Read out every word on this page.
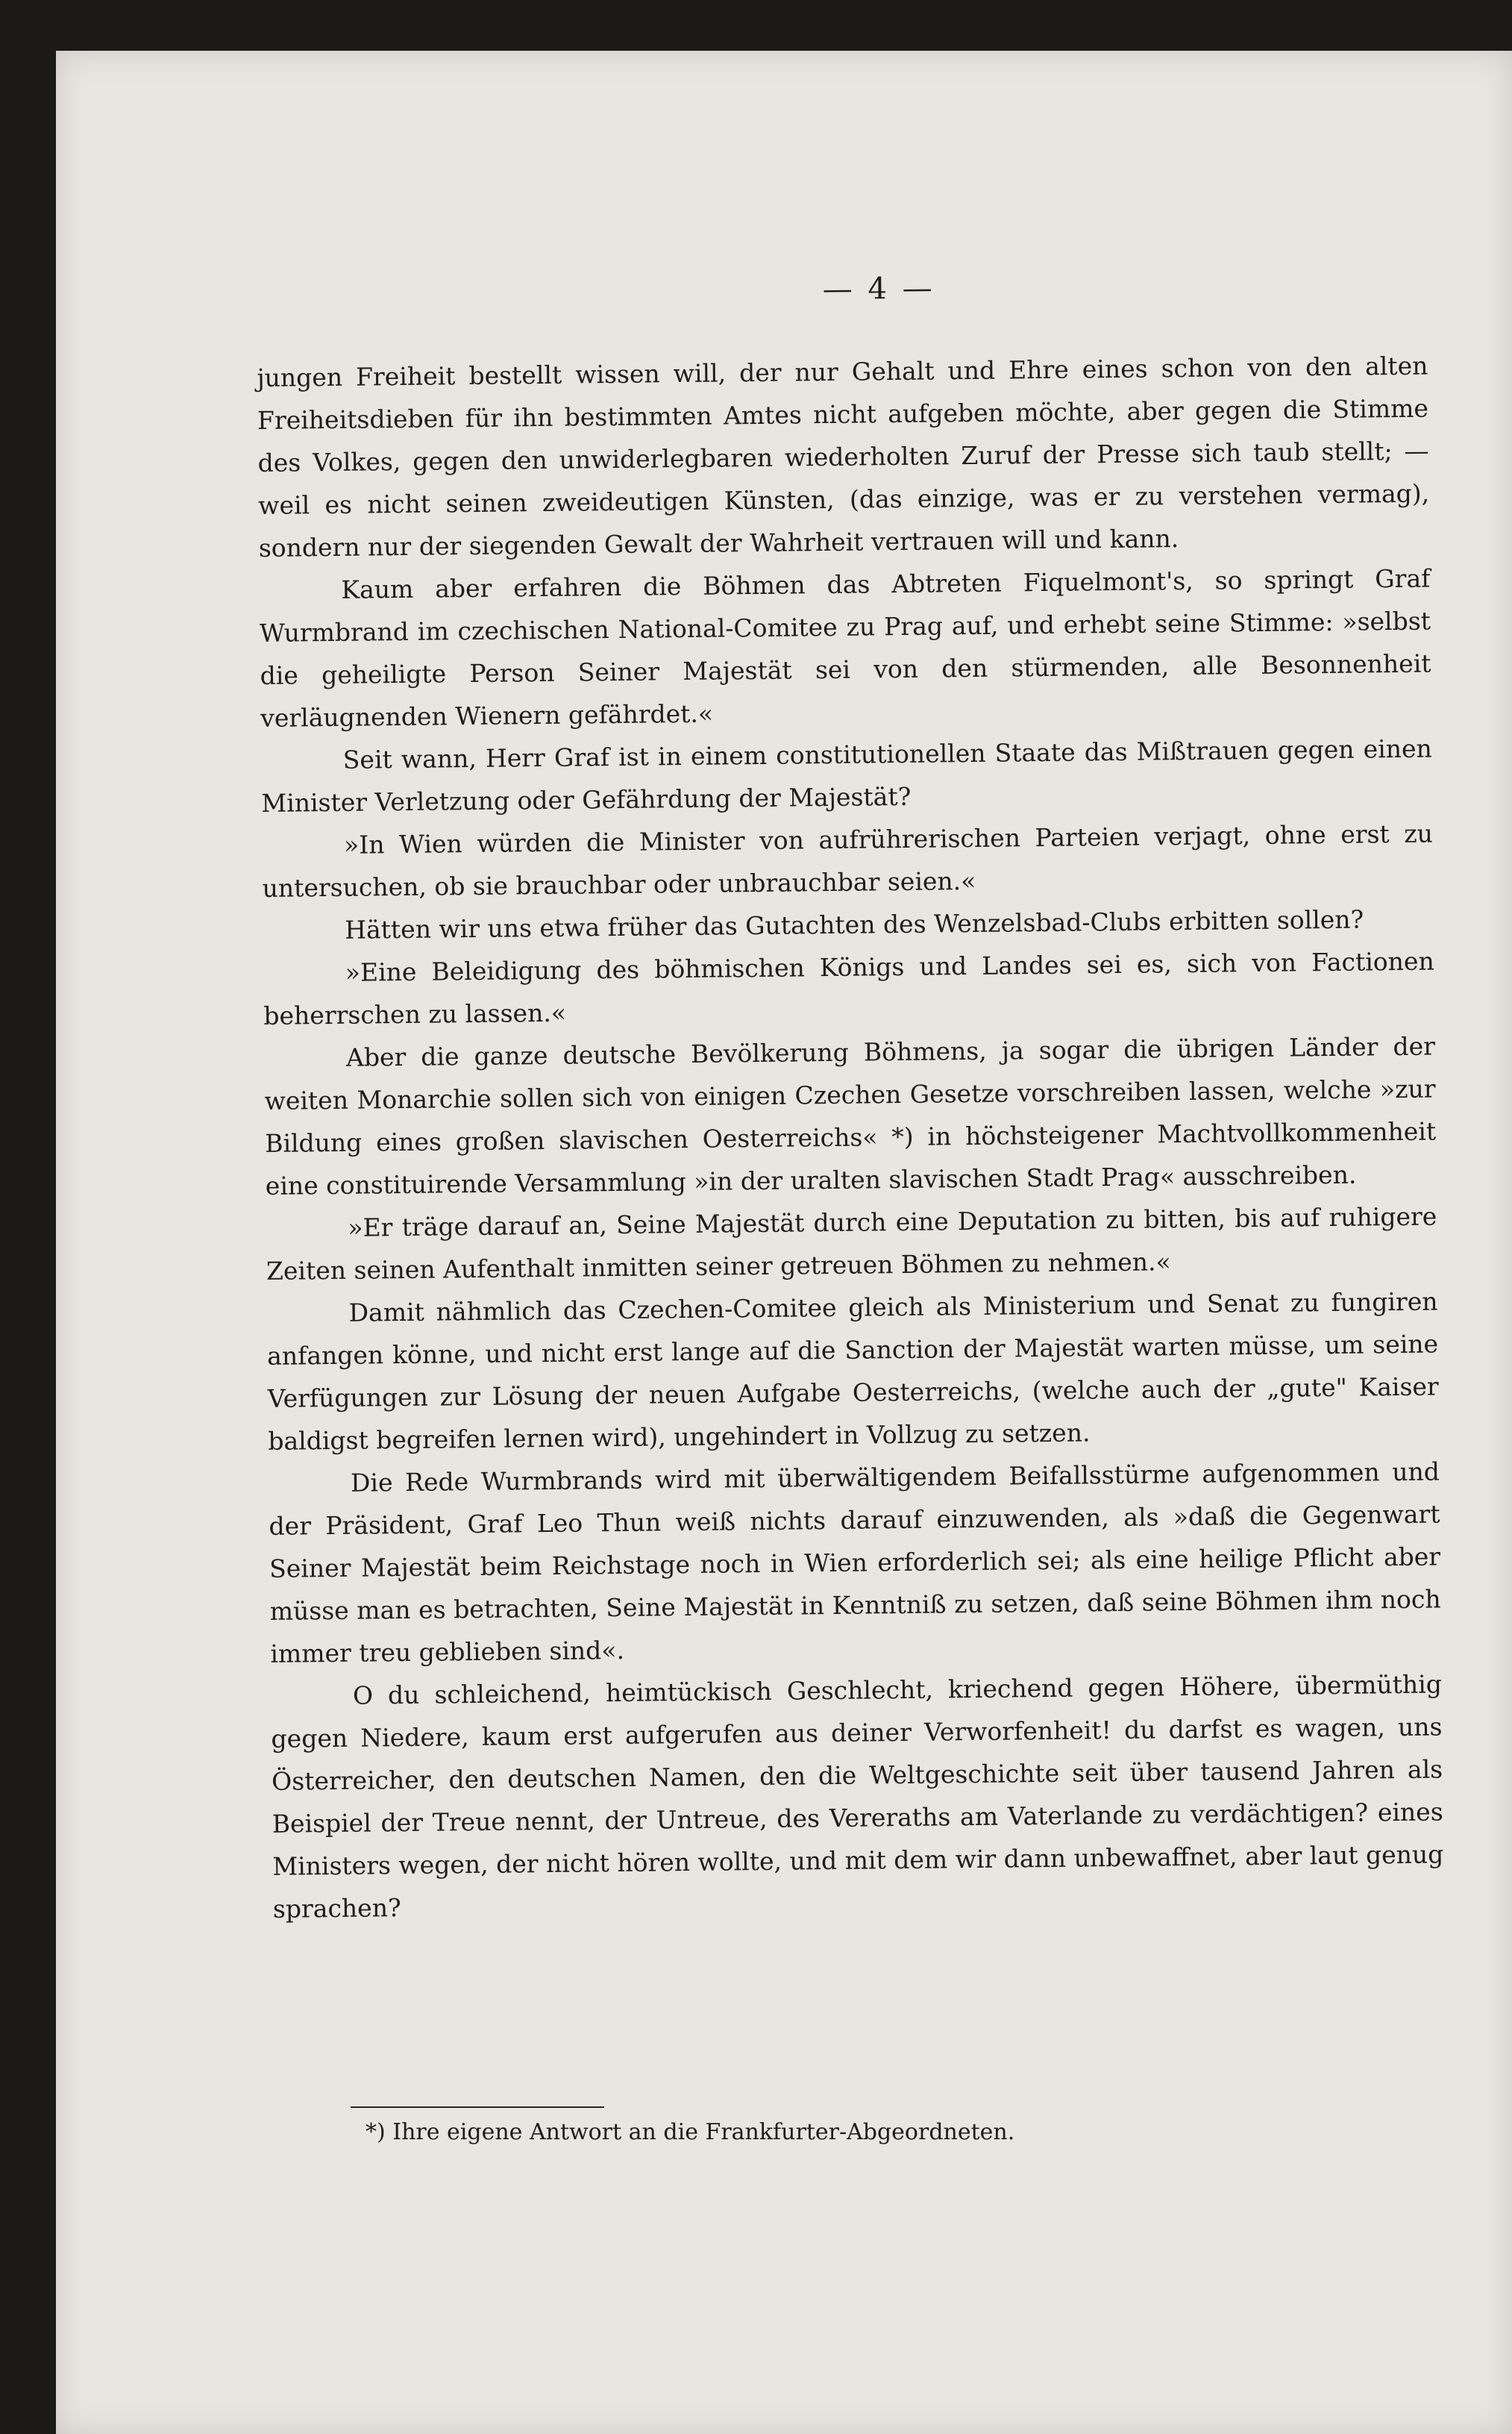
— 4 —

jungen Freiheit bestellt wissen will, der nur Gehalt und Ehre eines schon von den alten Freiheitsdieben für ihn bestimmten Amtes nicht aufgeben möchte, aber gegen die Stimme des Volkes, gegen den unwiderlegbaren wiederholten Zuruf der Presse sich taub stellt; — weil es nicht seinen zweideutigen Künsten, (das einzige, was er zu verstehen vermag), sondern nur der siegenden Gewalt der Wahrheit vertrauen will und kann.

Kaum aber erfahren die Böhmen das Abtreten Fiquelmont's, so springt Graf Wurmbrand im czechischen National-Comitee zu Prag auf, und erhebt seine Stimme: »selbst die geheiligte Person Seiner Majestät sei von den stürmenden, alle Besonnenheit verläugnenden Wienern gefährdet.«

Seit wann, Herr Graf ist in einem constitutionellen Staate das Mißtrauen gegen einen Minister Verletzung oder Gefährdung der Majestät?

»In Wien würden die Minister von aufrührerischen Parteien verjagt, ohne erst zu untersuchen, ob sie brauchbar oder unbrauchbar seien.«

Hätten wir uns etwa früher das Gutachten des Wenzelsbad-Clubs erbitten sollen?

»Eine Beleidigung des böhmischen Königs und Landes sei es, sich von Factionen beherrschen zu lassen.«

Aber die ganze deutsche Bevölkerung Böhmens, ja sogar die übrigen Länder der weiten Monarchie sollen sich von einigen Czechen Gesetze vorschreiben lassen, welche »zur Bildung eines großen slavischen Oesterreichs« *) in höchsteigener Machtvollkommenheit eine constituirende Versammlung »in der uralten slavischen Stadt Prag« ausschreiben.

»Er träge darauf an, Seine Majestät durch eine Deputation zu bitten, bis auf ruhigere Zeiten seinen Aufenthalt inmitten seiner getreuen Böhmen zu nehmen.«

Damit nähmlich das Czechen-Comitee gleich als Ministerium und Senat zu fungiren anfangen könne, und nicht erst lange auf die Sanction der Majestät warten müsse, um seine Verfügungen zur Lösung der neuen Aufgabe Oesterreichs, (welche auch der „gute" Kaiser baldigst begreifen lernen wird), ungehindert in Vollzug zu setzen.

Die Rede Wurmbrands wird mit überwältigendem Beifallsstürme aufgenommen und der Präsident, Graf Leo Thun weiß nichts darauf einzuwenden, als »daß die Gegenwart Seiner Majestät beim Reichstage noch in Wien erforderlich sei; als eine heilige Pflicht aber müsse man es betrachten, Seine Majestät in Kenntniß zu setzen, daß seine Böhmen ihm noch immer treu geblieben sind«.

O du schleichend, heimtückisch Geschlecht, kriechend gegen Höhere, übermüthig gegen Niedere, kaum erst aufgerufen aus deiner Verworfenheit! du darfst es wagen, uns Österreicher, den deutschen Namen, den die Weltgeschichte seit über tausend Jahren als Beispiel der Treue nennt, der Untreue, des Vereraths am Vaterlande zu verdächtigen? eines Ministers wegen, der nicht hören wollte, und mit dem wir dann unbewaffnet, aber laut genug sprachen?

*) Ihre eigene Antwort an die Frankfurter-Abgeordneten.
